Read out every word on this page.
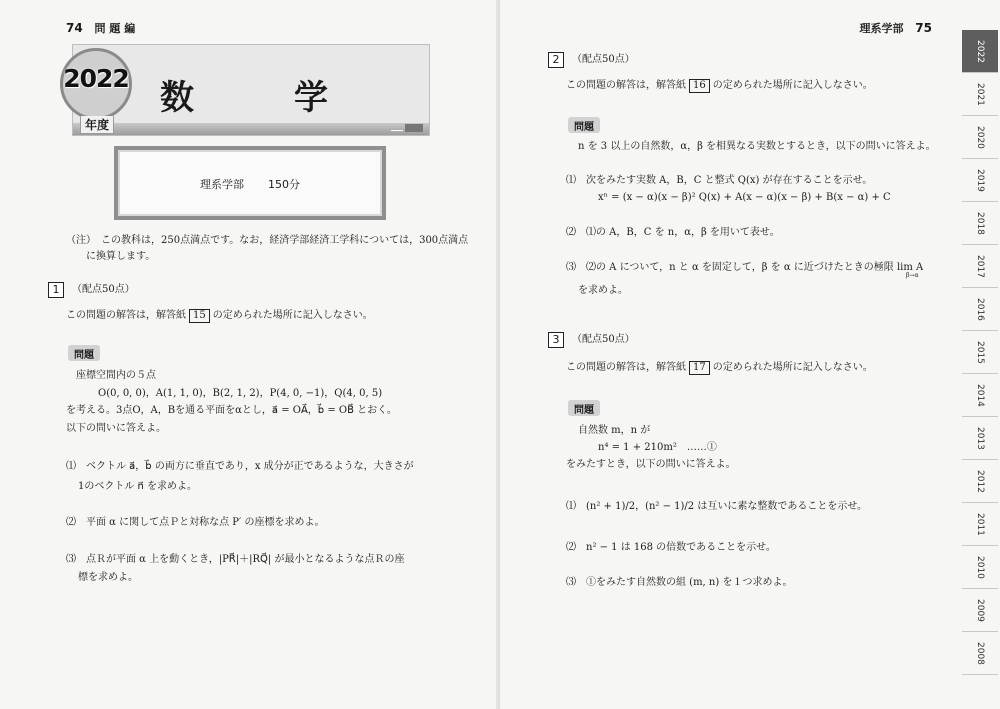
74 問 題 編
2022
年度
数学
理系学部 150分
（注）　この教科は，250点満点です。なお，経済学部経済工学科については，300点満点
に換算します。
1	（配点50点）
この問題の解答は，解答紙 15 の定められた場所に記入しなさい。
問題
座標空間内の５点
O(0, 0, 0)，A(1, 1, 0)，B(2, 1, 2)，P(4, 0, −1)，Q(4, 0, 5)
を考える。3点O，A，Bを通る平面をαとし，a⃗ = OA⃗，b⃗ = OB⃗ とおく。
以下の問いに答えよ。
⑴　ベクトル a⃗，b⃗ の両方に垂直であり，x 成分が正であるような，大きさが
1のベクトル n⃗ を求めよ。
⑵　平面 α に関して点Ｐと対称な点 P′ の座標を求めよ。
⑶　点Ｒが平面 α 上を動くとき，|PR⃗|＋|RQ⃗| が最小となるような点Ｒの座
標を求めよ。
理系学部 75
2	（配点50点）
この問題の解答は，解答紙 16 の定められた場所に記入しなさい。
問題
n を 3 以上の自然数，α，β を相異なる実数とするとき，以下の問いに答えよ。
⑴　次をみたす実数 A，B，C と整式 Q(x) が存在することを示せ。
xⁿ = (x − α)(x − β)² Q(x) + A(x − α)(x − β) + B(x − α) + C
⑵　⑴の A，B，C を n，α，β を用いて表せ。
⑶　⑵の A について，n と α を固定して，β を α に近づけたときの極限 lim A
β→α
を求めよ。
3	（配点50点）
この問題の解答は，解答紙 17 の定められた場所に記入しなさい。
問題
自然数 m，n が
n⁴ = 1 + 210m²　……①
をみたすとき，以下の問いに答えよ。
⑴　(n² + 1)/2，(n² − 1)/2 は互いに素な整数であることを示せ。
⑵　n² − 1 は 168 の倍数であることを示せ。
⑶　①をみたす自然数の組 (m, n) を１つ求めよ。
2022
2021
2020
2019
2018
2017
2016
2015
2014
2013
2012
2011
2010
2009
2008
